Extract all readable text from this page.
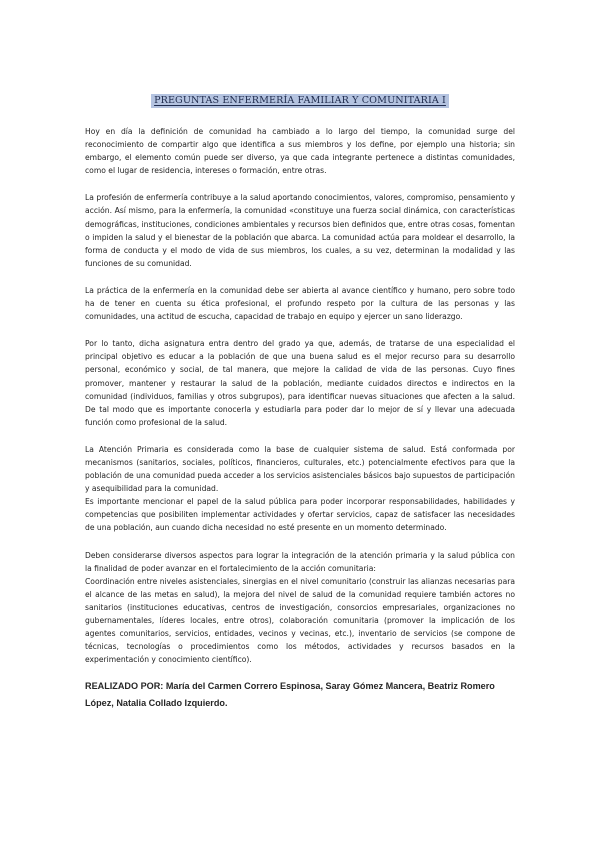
PREGUNTAS ENFERMERÍA FAMILIAR Y COMUNITARIA I

Hoy en día la definición de comunidad ha cambiado a lo largo del tiempo, la comunidad surge del reconocimiento de compartir algo que identifica a sus miembros y los define, por ejemplo una historia; sin embargo, el elemento común puede ser diverso, ya que cada integrante pertenece a distintas comunidades, como el lugar de residencia, intereses o formación, entre otras.

La profesión de enfermería contribuye a la salud aportando conocimientos, valores, compromiso, pensamiento y acción. Así mismo, para la enfermería, la comunidad «constituye una fuerza social dinámica, con características demográficas, instituciones, condiciones ambientales y recursos bien definidos que, entre otras cosas, fomentan o impiden la salud y el bienestar de la población que abarca. La comunidad actúa para moldear el desarrollo, la forma de conducta y el modo de vida de sus miembros, los cuales, a su vez, determinan la modalidad y las funciones de su comunidad.

La práctica de la enfermería en la comunidad debe ser abierta al avance científico y humano, pero sobre todo ha de tener en cuenta su ética profesional, el profundo respeto por la cultura de las personas y las comunidades, una actitud de escucha, capacidad de trabajo en equipo y ejercer un sano liderazgo.

Por lo tanto, dicha asignatura entra dentro del grado ya que, además, de tratarse de una especialidad el principal objetivo es educar a la población de que una buena salud es el mejor recurso para su desarrollo personal, económico y social, de tal manera, que mejore la calidad de vida de las personas. Cuyo fines promover, mantener y restaurar la salud de la población, mediante cuidados directos e indirectos en la comunidad (individuos, familias y otros subgrupos), para identificar nuevas situaciones que afecten a la salud. De tal modo que es importante conocerla y estudiarla para poder dar lo mejor de sí y llevar una adecuada función como profesional de la salud.

La Atención Primaria es considerada como la base de cualquier sistema de salud. Está conformada por mecanismos (sanitarios, sociales, políticos, financieros, culturales, etc.) potencialmente efectivos para que la población de una comunidad pueda acceder a los servicios asistenciales básicos bajo supuestos de participación y asequibilidad para la comunidad.

Es importante mencionar el papel de la salud pública para poder incorporar responsabilidades, habilidades y competencias que posibiliten implementar actividades y ofertar servicios, capaz de satisfacer las necesidades de una población, aun cuando dicha necesidad no esté presente en un momento determinado.

Deben considerarse diversos aspectos para lograr la integración de la atención primaria y la salud pública con la finalidad de poder avanzar en el fortalecimiento de la acción comunitaria:

Coordinación entre niveles asistenciales, sinergias en el nivel comunitario (construir las alianzas necesarias para el alcance de las metas en salud), la mejora del nivel de salud de la comunidad requiere también actores no sanitarios (instituciones educativas, centros de investigación, consorcios empresariales, organizaciones no gubernamentales, líderes locales, entre otros), colaboración comunitaria (promover la implicación de los agentes comunitarios, servicios, entidades, vecinos y vecinas, etc.), inventario de servicios (se compone de técnicas, tecnologías o procedimientos como los métodos, actividades y recursos basados en la experimentación y conocimiento científico).

REALIZADO POR: María del Carmen Correro Espinosa, Saray Gómez Mancera, Beatriz Romero López, Natalia Collado Izquierdo.
